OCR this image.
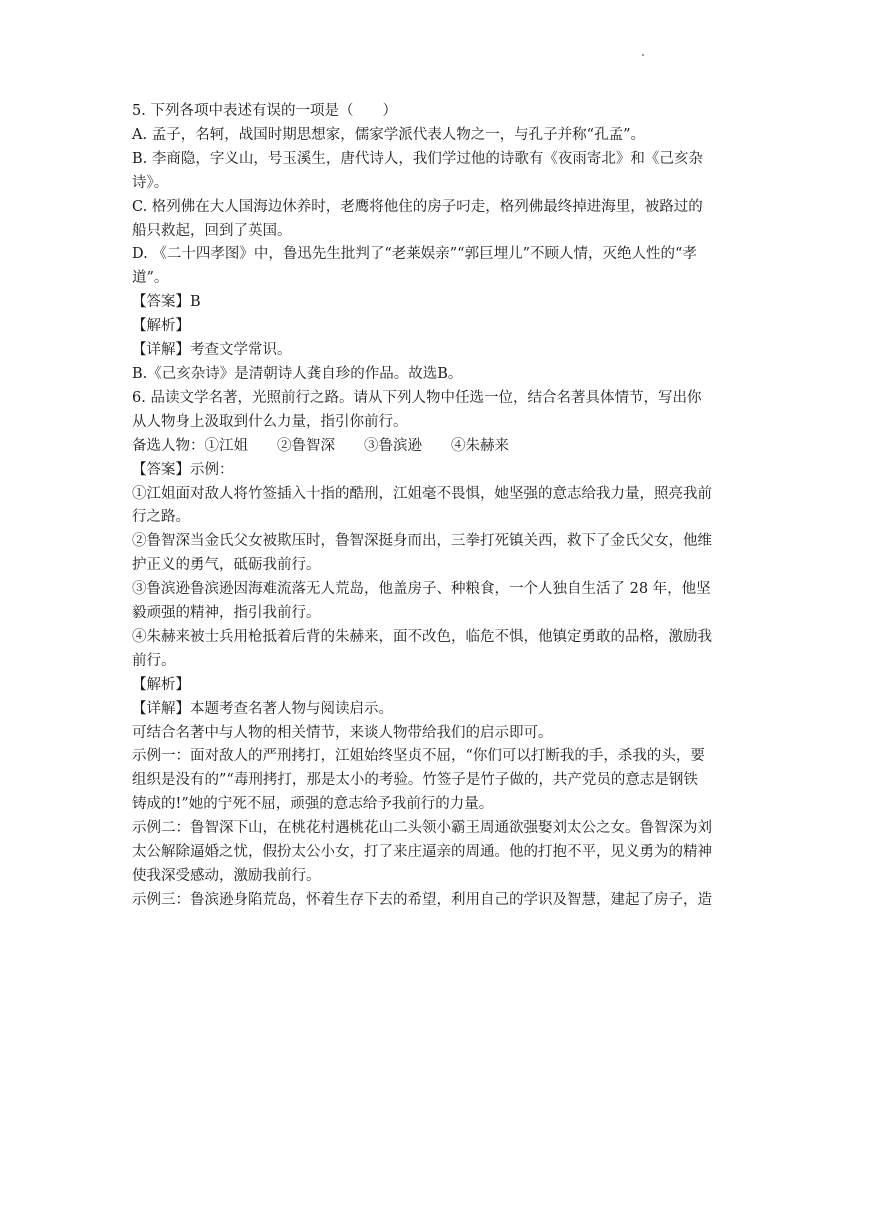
5. 下列各项中表述有误的一项是（　　）
A. 孟子，名轲，战国时期思想家，儒家学派代表人物之一，与孔子并称“孔孟”。
B. 李商隐，字义山，号玉溪生，唐代诗人，我们学过他的诗歌有《夜雨寄北》和《己亥杂
诗》。
C. 格列佛在大人国海边休养时，老鹰将他住的房子叼走，格列佛最终掉进海里，被路过的
船只救起，回到了英国。
D. 《二十四孝图》中，鲁迅先生批判了“老莱娱亲”“郭巨埋儿”不顾人情，灭绝人性的“孝
道”。
【答案】B
【解析】
【详解】考查文学常识。
B.《己亥杂诗》是清朝诗人龚自珍的作品。故选B。
6. 品读文学名著，光照前行之路。请从下列人物中任选一位，结合名著具体情节，写出你
从人物身上汲取到什么力量，指引你前行。
备选人物：①江姐　　②鲁智深　　③鲁滨逊　　④朱赫来
【答案】示例：
①江姐面对敌人将竹签插入十指的酷刑，江姐毫不畏惧，她坚强的意志给我力量，照亮我前
行之路。
②鲁智深当金氏父女被欺压时，鲁智深挺身而出，三拳打死镇关西，救下了金氏父女，他维
护正义的勇气，砥砺我前行。
③鲁滨逊鲁滨逊因海难流落无人荒岛，他盖房子、种粮食，一个人独自生活了 28 年，他坚
毅顽强的精神，指引我前行。
④朱赫来被士兵用枪抵着后背的朱赫来，面不改色，临危不惧，他镇定勇敢的品格，激励我
前行。
【解析】
【详解】本题考查名著人物与阅读启示。
可结合名著中与人物的相关情节，来谈人物带给我们的启示即可。
示例一：面对敌人的严刑拷打，江姐始终坚贞不屈，“你们可以打断我的手，杀我的头，要
组织是没有的”“毒刑拷打，那是太小的考验。竹签子是竹子做的，共产党员的意志是钢铁
铸成的!”她的宁死不屈，顽强的意志给予我前行的力量。
示例二：鲁智深下山，在桃花村遇桃花山二头领小霸王周通欲强娶刘太公之女。鲁智深为刘
太公解除逼婚之忧，假扮太公小女，打了来庄逼亲的周通。他的打抱不平，见义勇为的精神
使我深受感动，激励我前行。
示例三：鲁滨逊身陷荒岛，怀着生存下去的希望，利用自己的学识及智慧，建起了房子，造
